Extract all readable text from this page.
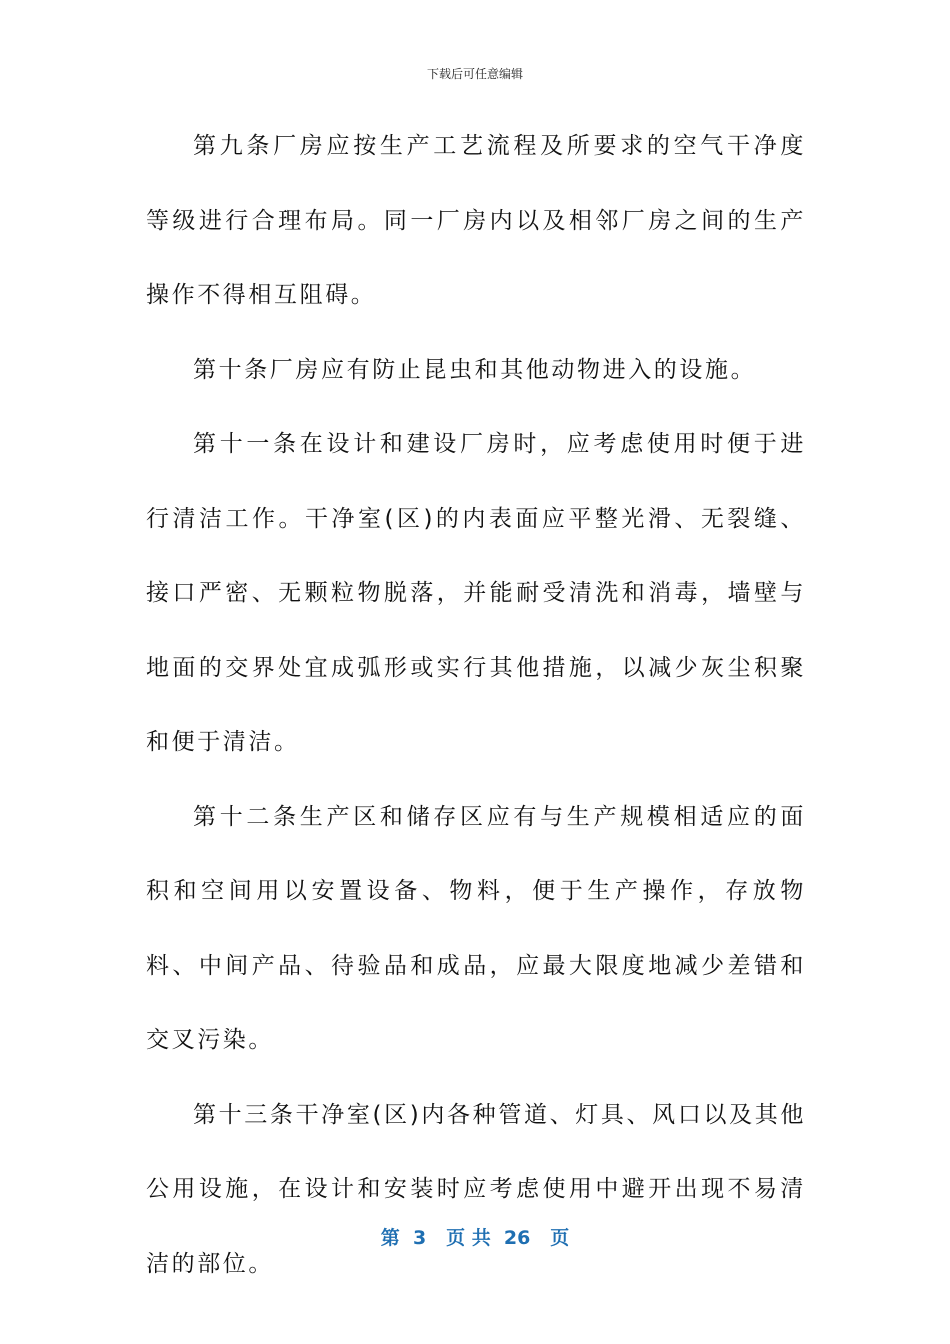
下载后可任意编辑

第九条厂房应按生产工艺流程及所要求的空气干净度等级进行合理布局。同一厂房内以及相邻厂房之间的生产操作不得相互阻碍。

第十条厂房应有防止昆虫和其他动物进入的设施。

第十一条在设计和建设厂房时，应考虑使用时便于进行清洁工作。干净室(区)的内表面应平整光滑、无裂缝、接口严密、无颗粒物脱落，并能耐受清洗和消毒，墙壁与地面的交界处宜成弧形或实行其他措施，以减少灰尘积聚和便于清洁。

第十二条生产区和储存区应有与生产规模相适应的面积和空间用以安置设备、物料，便于生产操作，存放物料、中间产品、待验品和成品，应最大限度地减少差错和交叉污染。

第十三条干净室(区)内各种管道、灯具、风口以及其他公用设施，在设计和安装时应考虑使用中避开出现不易清洁的部位。

第  3   页 共  26   页
